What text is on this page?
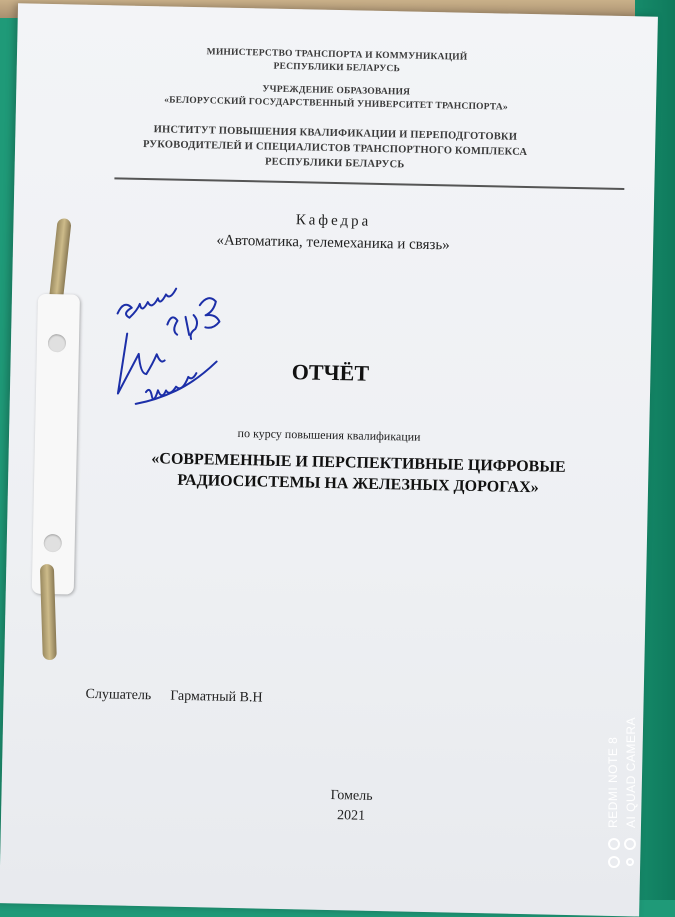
МИНИСТЕРСТВО ТРАНСПОРТА И КОММУНИКАЦИЙ
РЕСПУБЛИКИ БЕЛАРУСЬ
УЧРЕЖДЕНИЕ ОБРАЗОВАНИЯ
«БЕЛОРУССКИЙ ГОСУДАРСТВЕННЫЙ УНИВЕРСИТЕТ ТРАНСПОРТА»
ИНСТИТУТ ПОВЫШЕНИЯ КВАЛИФИКАЦИИ И ПЕРЕПОДГОТОВКИ
РУКОВОДИТЕЛЕЙ И СПЕЦИАЛИСТОВ ТРАНСПОРТНОГО КОМПЛЕКСА
РЕСПУБЛИКИ БЕЛАРУСЬ
Кафедра
«Автоматика, телемеханика и связь»
ОТЧЁТ
по курсу повышения квалификации
«СОВРЕМЕННЫЕ И ПЕРСПЕКТИВНЫЕ ЦИФРОВЫЕ
РАДИОСИСТЕМЫ НА ЖЕЛЕЗНЫХ ДОРОГАХ»
Слушатель Гарматный В.Н
Гомель
2021	REDMI NOTE 8 AI QUAD CAMERA
